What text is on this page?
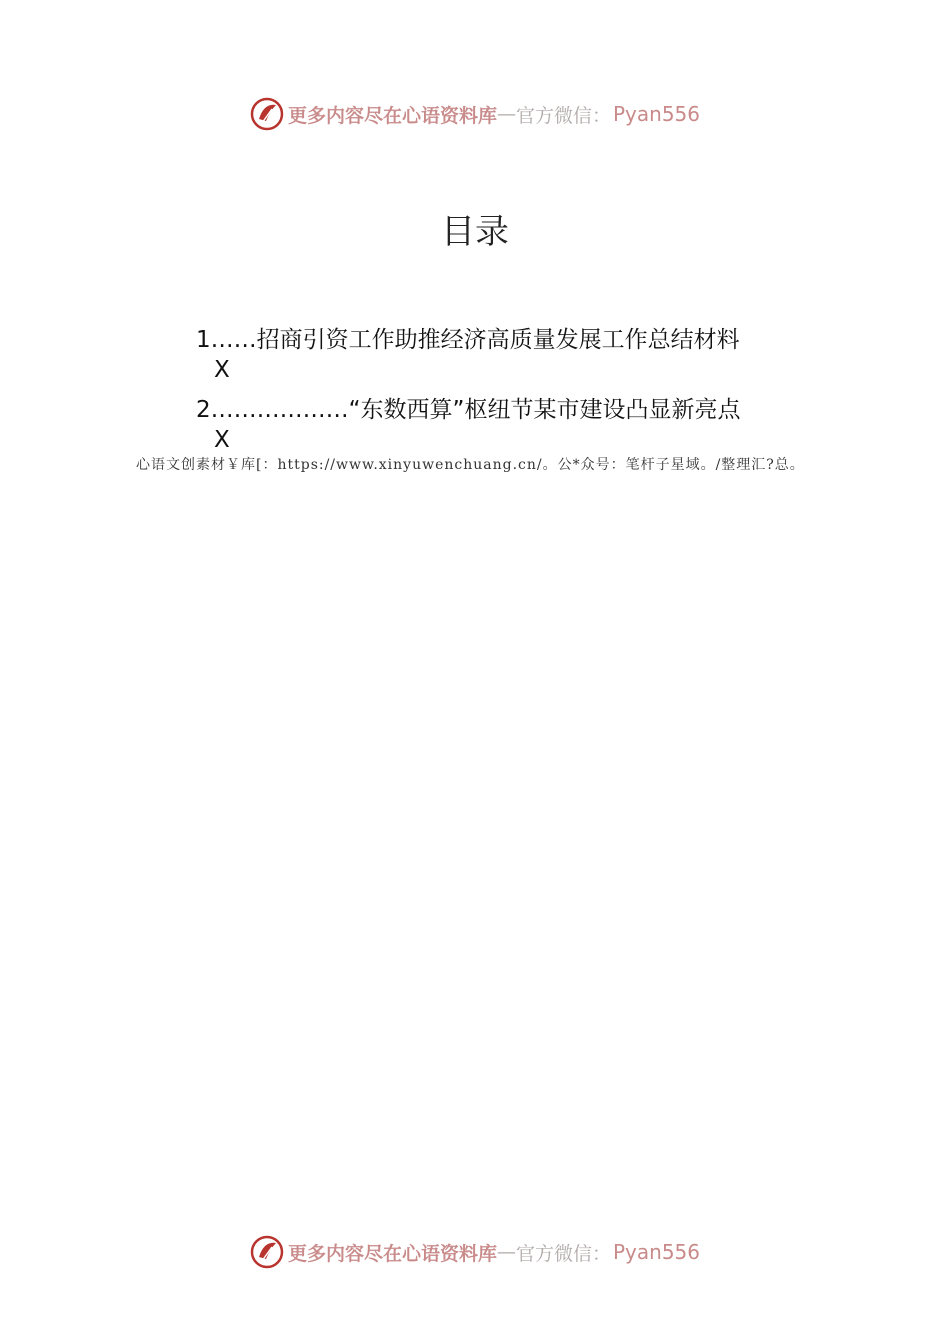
更多内容尽在心语资料库 — 官方微信： Pyan556
目录
1……招商引资工作助推经济高质量发展工作总结材料
X
2………………“东数西算”枢纽节某市建设凸显新亮点
X
心语文创素材￥库[：https://www.xinyuwenchuang.cn/。公*众号：笔杆子星域。/整理汇?总。
更多内容尽在心语资料库 — 官方微信： Pyan556
